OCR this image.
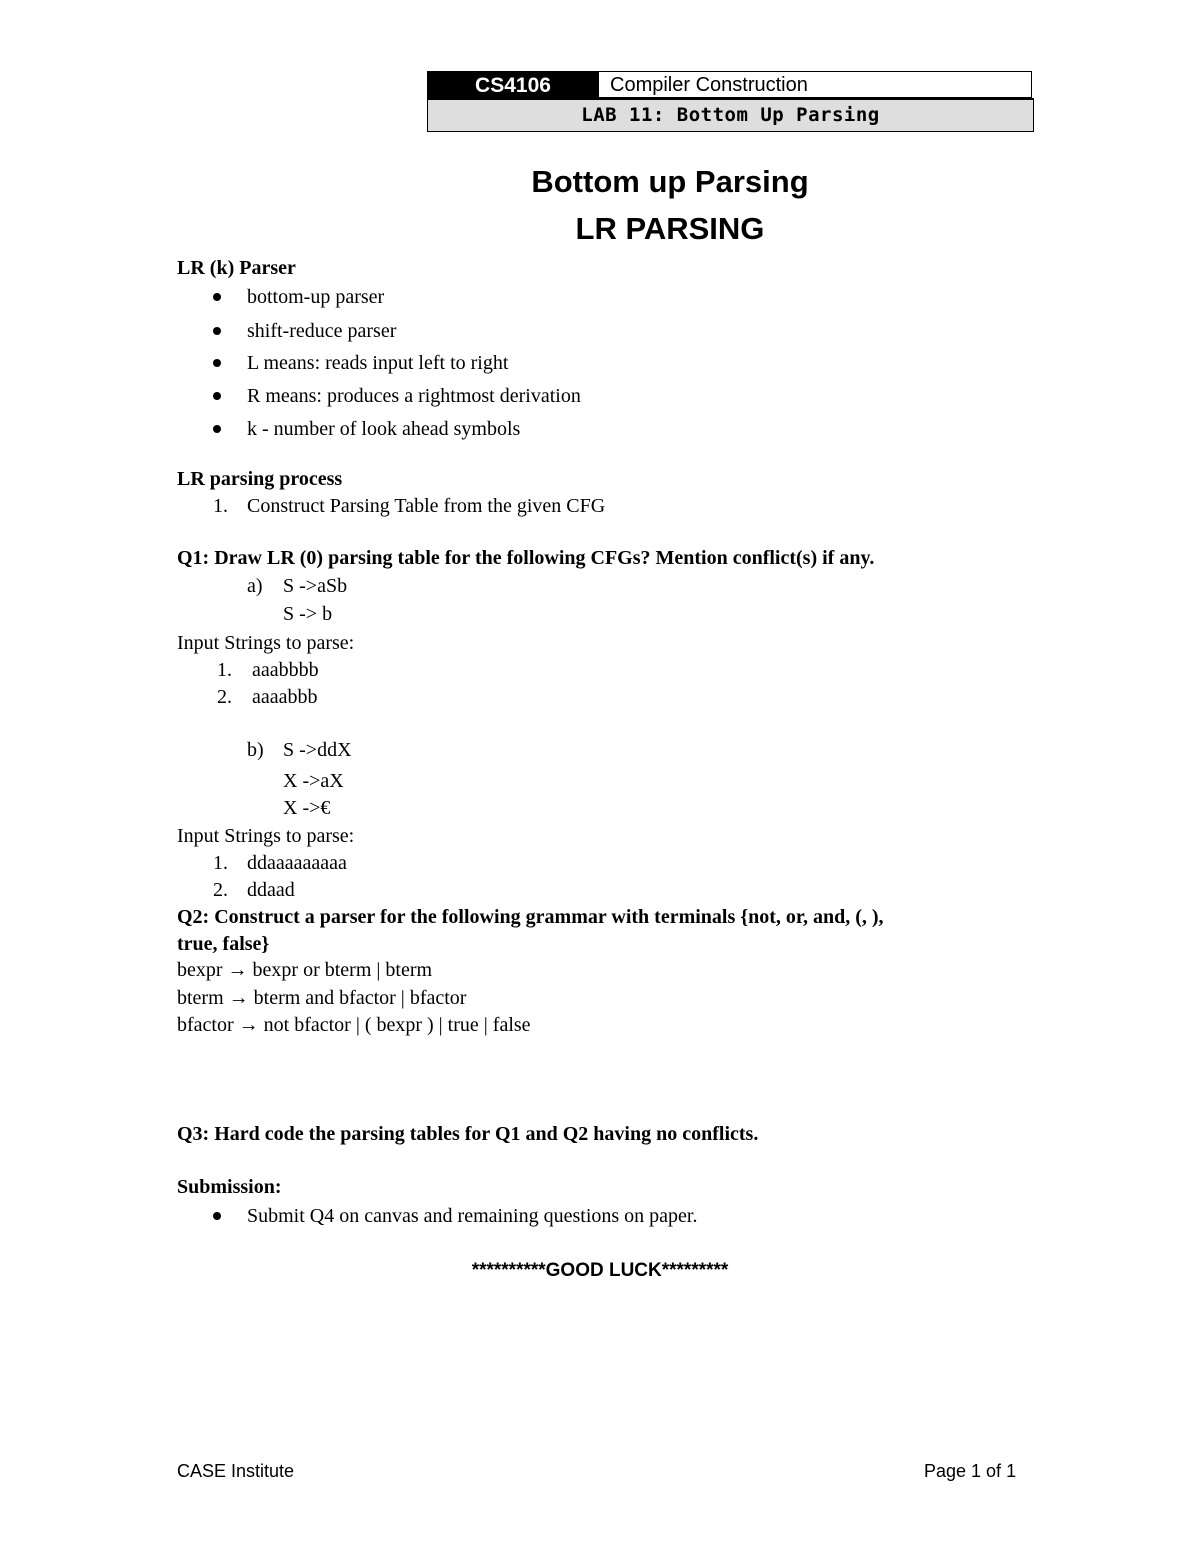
CS4106	Compiler Construction
LAB 11: Bottom Up Parsing
Bottom up Parsing
LR PARSING
LR (k) Parser
bottom-up parser
shift-reduce parser
L means: reads input left to right
R means: produces a rightmost derivation
k - number of look ahead symbols
LR parsing process
1. Construct Parsing Table from the given CFG
Q1: Draw LR (0) parsing table for the following CFGs? Mention conflict(s) if any.
a) S ->aSb
S -> b
Input Strings to parse:
1. aaabbbb
2. aaaabbb
b) S ->ddX
X ->aX
X ->€
Input Strings to parse:
1. ddaaaaaaaaa
2. ddaad
Q2: Construct a parser for the following grammar with terminals {not, or, and, (, ),
true, false}
bexpr → bexpr or bterm | bterm
bterm → bterm and bfactor | bfactor
bfactor → not bfactor | ( bexpr ) | true | false
Q3: Hard code the parsing tables for Q1 and Q2 having no conflicts.
Submission:
Submit Q4 on canvas and remaining questions on paper.
**********GOOD LUCK*********
CASE Institute	Page 1 of 1
